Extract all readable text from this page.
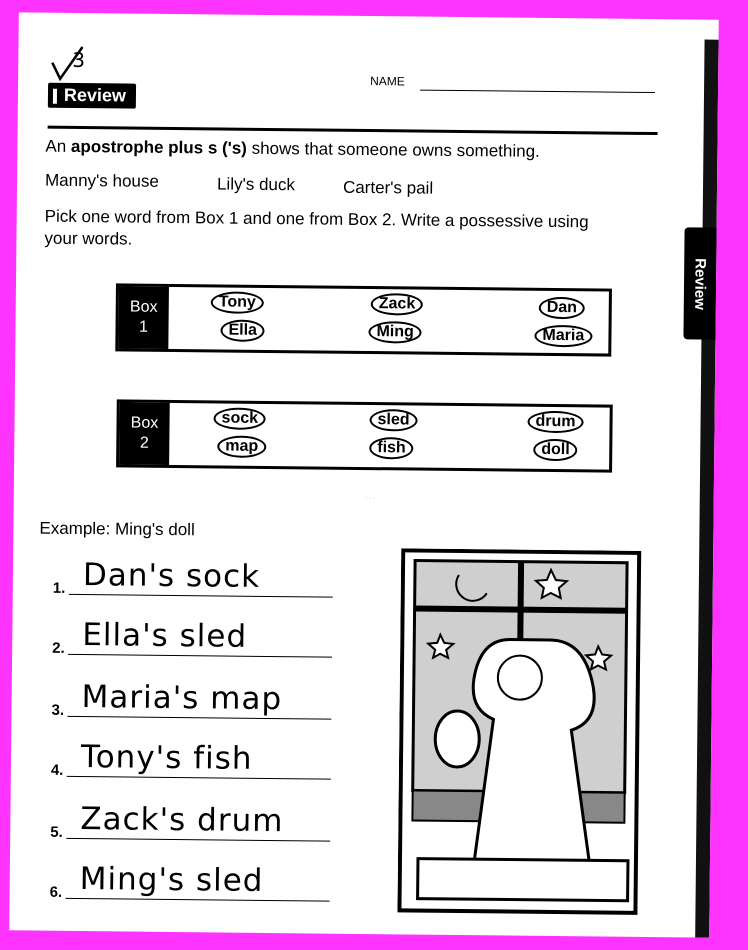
3
NAME
Review
Review
An apostrophe plus s ('s) shows that someone owns something.
Manny's house	Lily's duck	Carter's pail
Pick one word from Box 1 and one from Box 2. Write a possessive using
your words.
...
Box
1
Tony
Ella
Zack
Ming
Dan
Maria
Box
2
sock
map
sled
fish
drum
doll
Example: Ming's doll
1. Dan's sock
2. Ella's sled
3. Maria's map
4. Tony's fish
5. Zack's drum
6. Ming's sled
